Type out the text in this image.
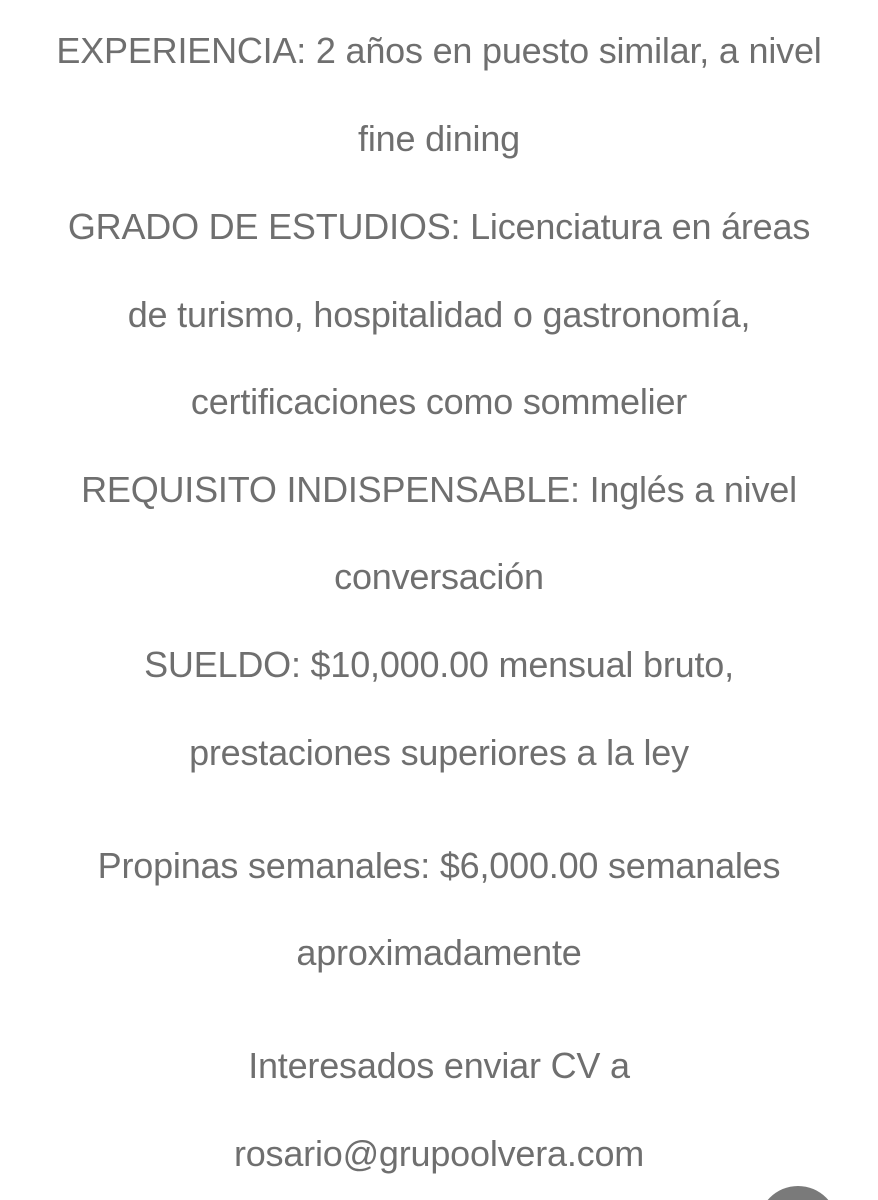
EXPERIENCIA: 2 años en puesto similar, a nivel
fine dining
GRADO DE ESTUDIOS: Licenciatura en áreas
de turismo, hospitalidad o gastronomía,
certificaciones como sommelier
REQUISITO INDISPENSABLE: Inglés a nivel
conversación
SUELDO: $10,000.00 mensual bruto,
prestaciones superiores a la ley
Propinas semanales: $6,000.00 semanales
aproximadamente
Interesados enviar CV a
rosario@grupoolvera.com
